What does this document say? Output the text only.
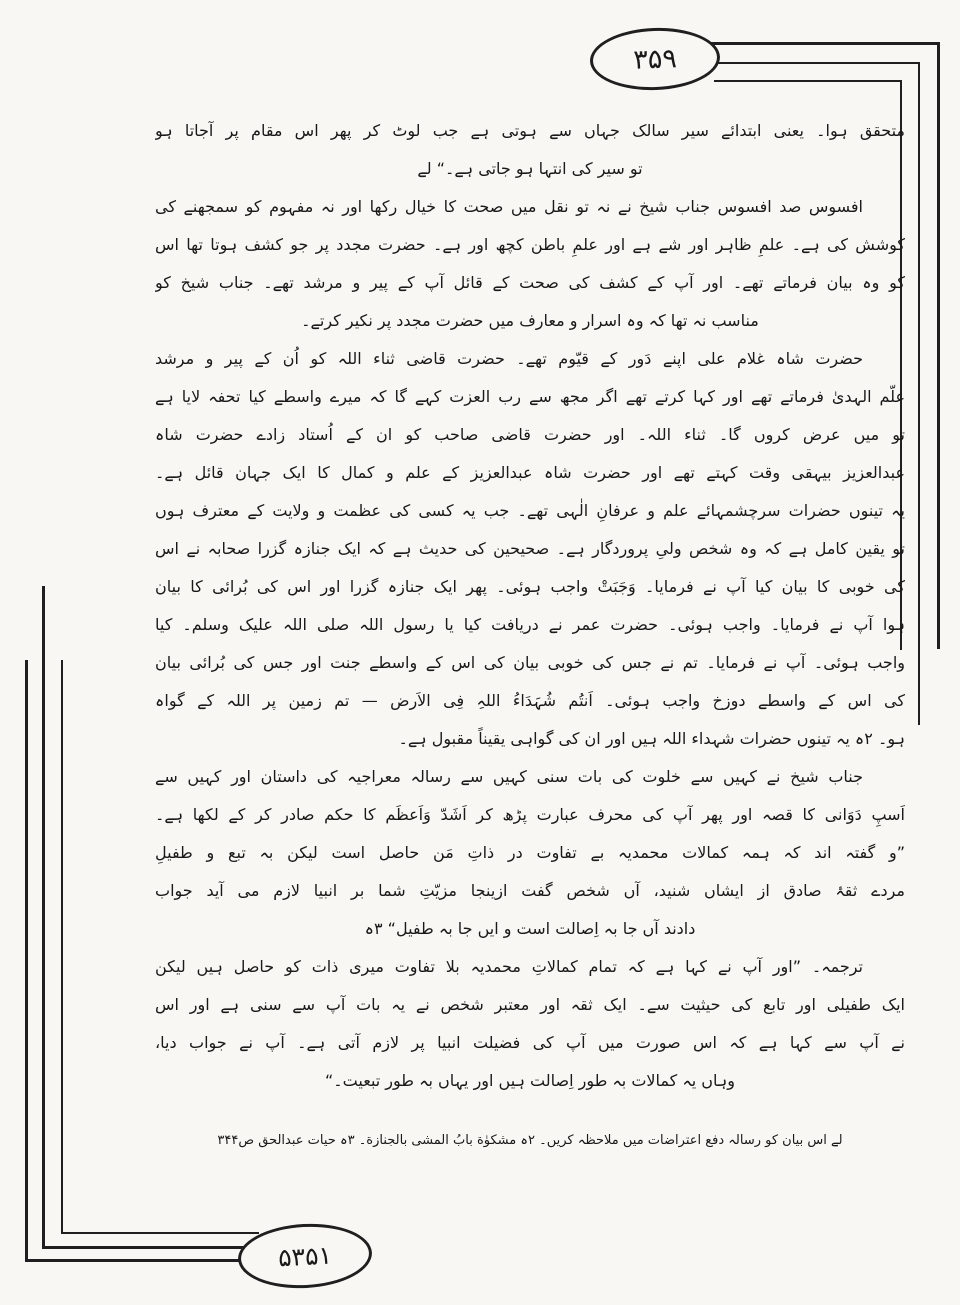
۳۵۹
۵۳۵۱
متحقق ہوا۔ یعنی ابتدائے سیر سالک جہاں سے ہوتی ہے جب لوٹ کر پھر اس مقام پر آجاتا ہو
تو سیر کی انتہا ہو جاتی ہے۔“ لے
افسوس صد افسوس جناب شیخ نے نہ تو نقل میں صحت کا خیال رکھا اور نہ مفہوم کو سمجھنے کی
کوشش کی ہے۔ علمِ ظاہر اور شے ہے اور علمِ باطن کچھ اور ہے۔ حضرت مجدد پر جو کشف ہوتا تھا اس
کو وہ بیان فرماتے تھے۔ اور آپ کے کشف کی صحت کے قائل آپ کے پیر و مرشد تھے۔ جناب شیخ کو
مناسب نہ تھا کہ وہ اسرار و معارف میں حضرت مجدد پر نکیر کرتے۔
حضرت شاہ غلام علی اپنے دَور کے قیّوم تھے۔ حضرت قاضی ثناء اللہ کو اُن کے پیر و مرشد
علّم الہدیٰ فرماتے تھے اور کہا کرتے تھے اگر مجھ سے رب العزت کہے گا کہ میرے واسطے کیا تحفہ لایا ہے
تو میں عرض کروں گا۔ ثناء اللہ۔ اور حضرت قاضی صاحب کو ان کے اُستاد زادے حضرت شاہ
عبدالعزیز بیہقی وقت کہتے تھے اور حضرت شاہ عبدالعزیز کے علم و کمال کا ایک جہان قائل ہے۔
یہ تینوں حضرات سرچشمہائے علم و عرفانِ الٰہی تھے۔ جب یہ کسی کی عظمت و ولایت کے معترف ہوں
تو یقین کامل ہے کہ وہ شخص ولیِ پروردگار ہے۔ صحیحین کی حدیث ہے کہ ایک جنازہ گزرا صحابہ نے اس
کی خوبی کا بیان کیا آپ نے فرمایا۔ وَجَبَتْ واجب ہوئی۔ پھر ایک جنازہ گزرا اور اس کی بُرائی کا بیان
ہوا آپ نے فرمایا۔ واجب ہوئی۔ حضرت عمر نے دریافت کیا یا رسول اللہ صلی اللہ علیک وسلم۔ کیا
واجب ہوئی۔ آپ نے فرمایا۔ تم نے جس کی خوبی بیان کی اس کے واسطے جنت اور جس کی بُرائی بیان
کی اس کے واسطے دوزخ واجب ہوئی۔ اَنتُم شُہَدَاءُ اللہِ فِی الاَرض — تم زمین پر اللہ کے گواہ
ہو۔ ۲ہ یہ تینوں حضرات شہداء اللہ ہیں اور ان کی گواہی یقیناً مقبول ہے۔
جناب شیخ نے کہیں سے خلوت کی بات سنی کہیں سے رسالہ معراجیہ کی داستان اور کہیں سے
اَسپِ دَوَانی کا قصہ اور پھر آپ کی محرف عبارت پڑھ کر اَشَدّ وَاَعظَم کا حکم صادر کر کے لکھا ہے۔
”و گفتہ اند کہ ہمہ کمالات محمدیہ بے تفاوت در ذاتِ مَن حاصل است لیکن بہ تبع و طفیلِ
مردے ثقۂ صادق از ایشاں شنید، آں شخص گفت ازینجا مزیّتِ شما بر انبیا لازم می آید جواب
دادند آں جا بہ اِصالت است و ایں جا بہ طفیل“ ۳ہ
ترجمہ۔ ”اور آپ نے کہا ہے کہ تمام کمالاتِ محمدیہ بلا تفاوت میری ذات کو حاصل ہیں لیکن
ایک طفیلی اور تابع کی حیثیت سے۔ ایک ثقہ اور معتبر شخص نے یہ بات آپ سے سنی ہے اور اس
نے آپ سے کہا ہے کہ اس صورت میں آپ کی فضیلت انبیا پر لازم آتی ہے۔ آپ نے جواب دیا،
وہاں یہ کمالات بہ طور اِصالت ہیں اور یہاں بہ طور تبعیت۔“
لے اس بیان کو رسالہ دفع اعتراضات میں ملاحظہ کریں۔ ۲ہ مشکوٰة بابُ المشی بالجنازة۔ ۳ہ حیات عبدالحق ص۳۴۴
